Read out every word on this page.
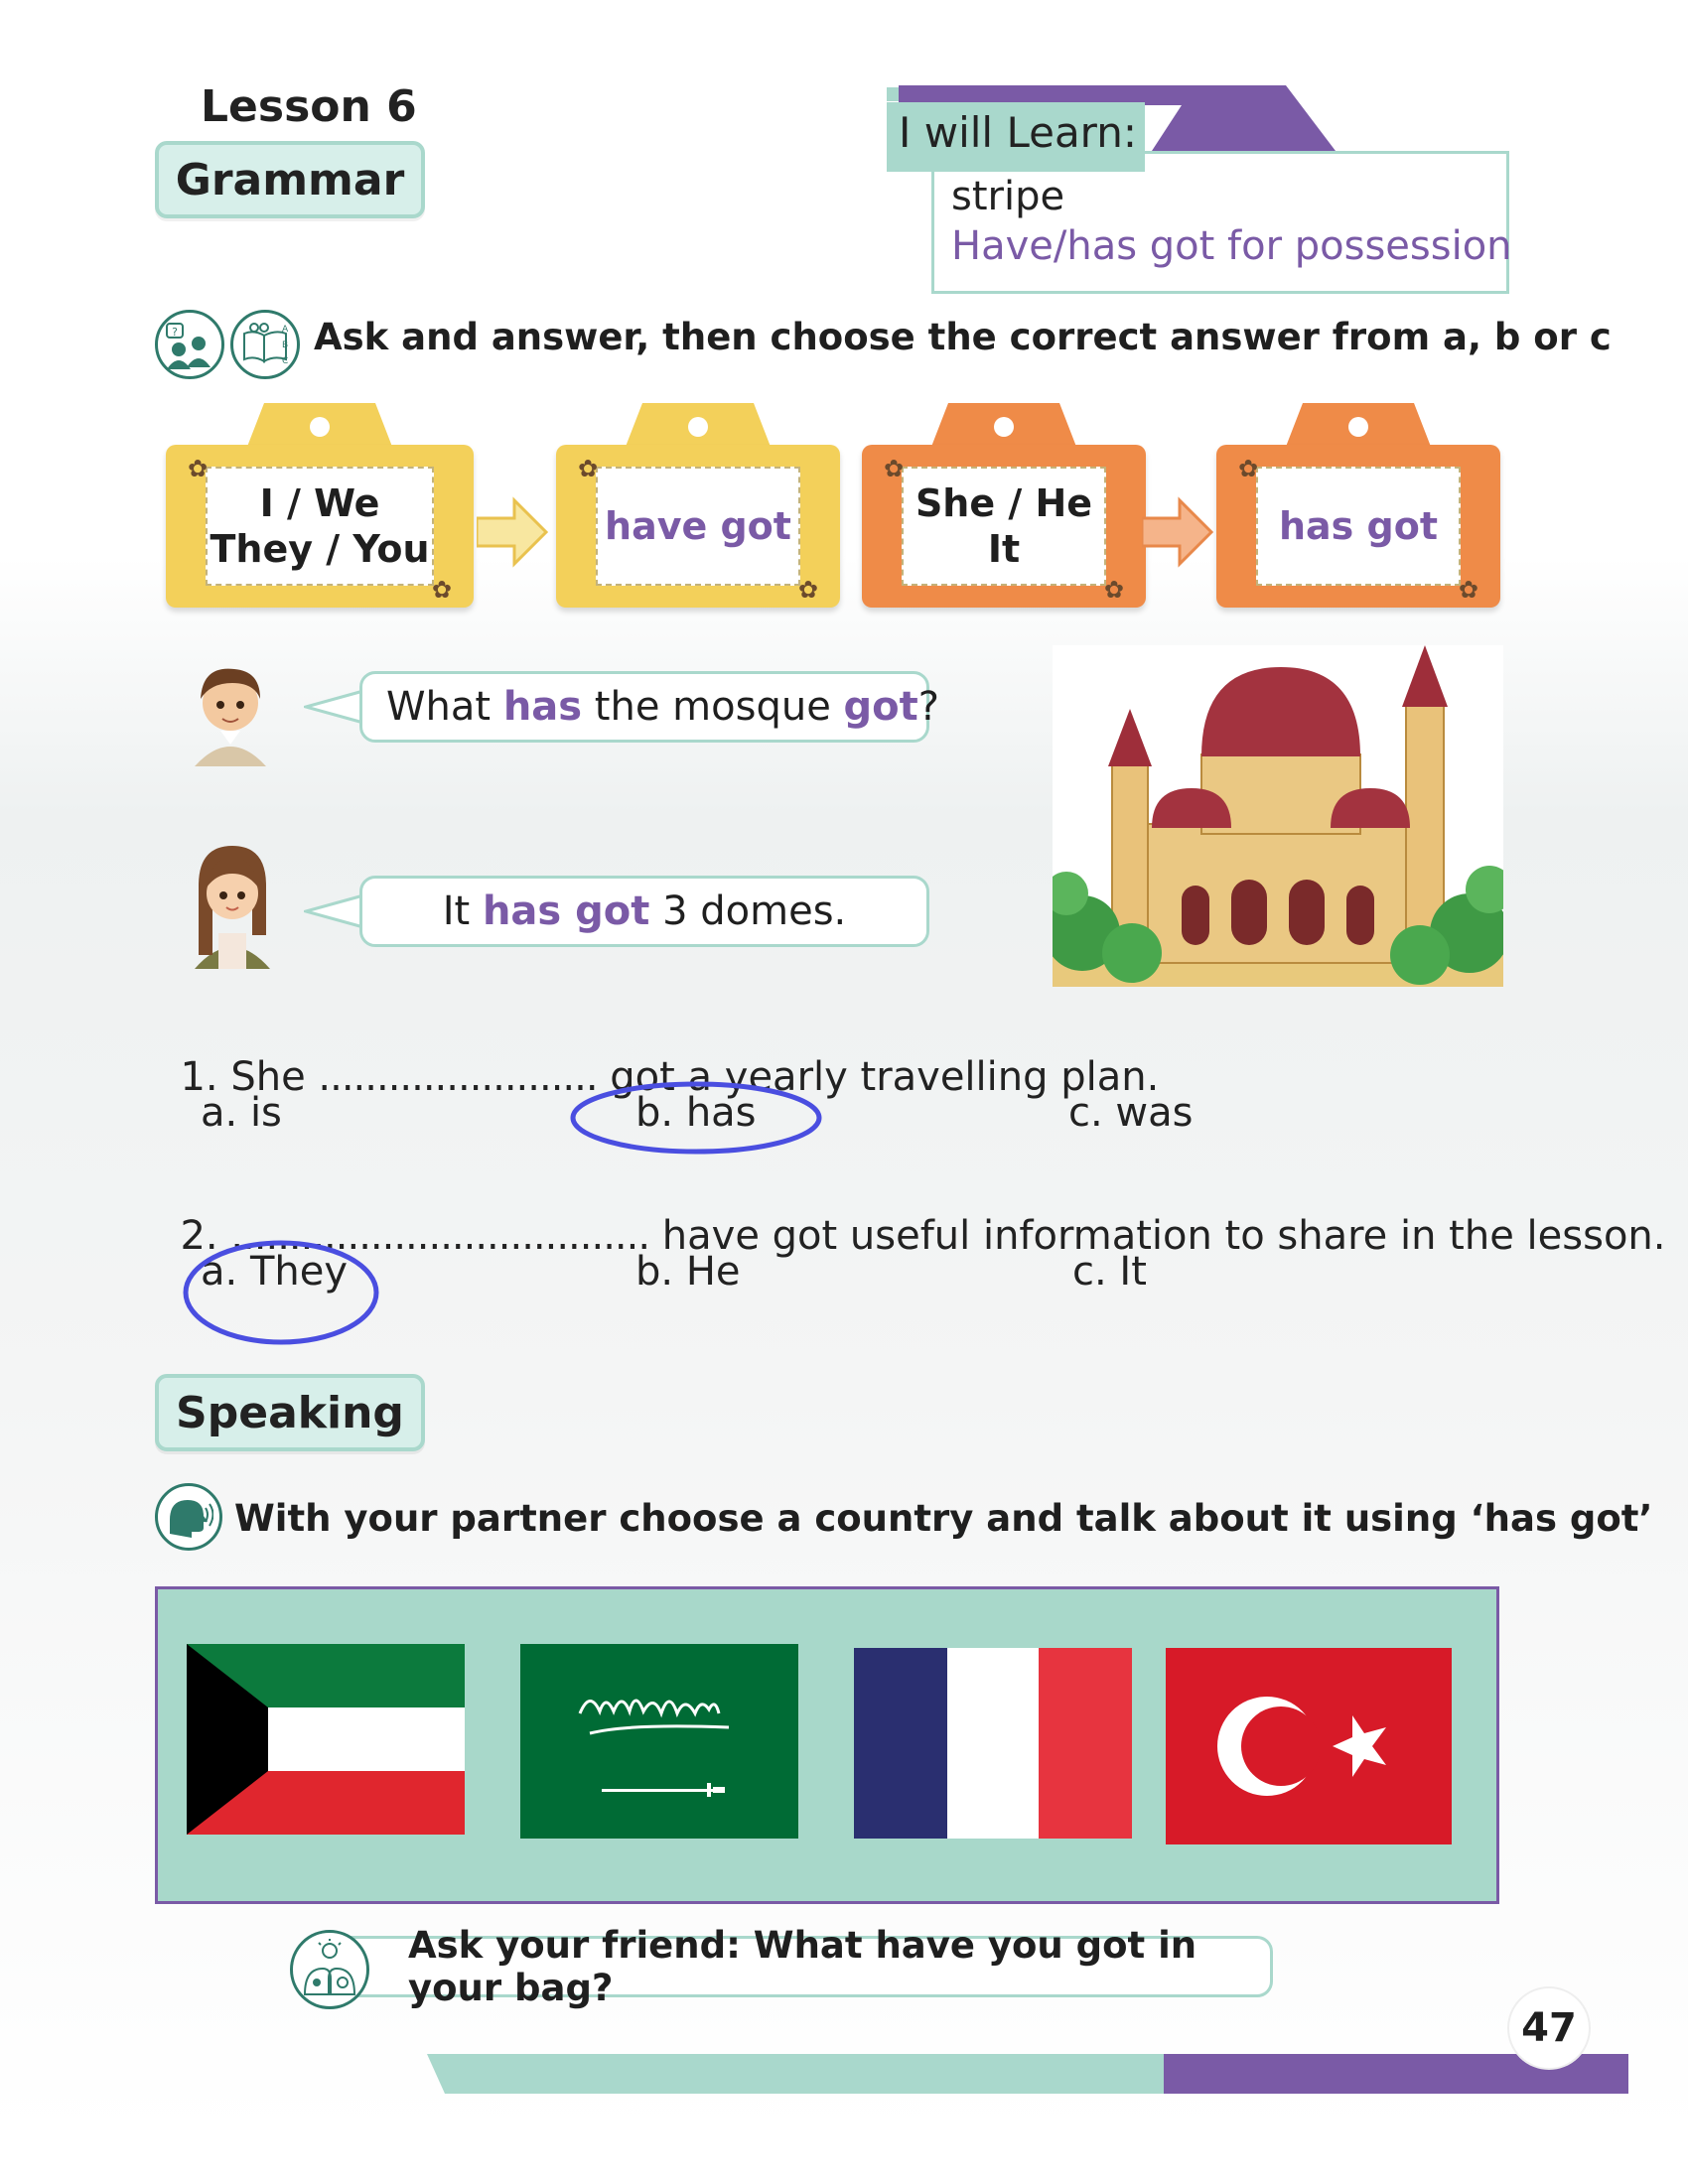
Lesson 6
Grammar
I will Learn:
stripe
Have/has got for possession
?	A
B
C
Ask and answer, then choose the correct answer from a, b or c
I / We
They / You
✿
✿
have got
✿
✿
She / He
It
✿
✿
has got
✿
✿
What has the mosque got ?
It has got 3 domes.

1. She ........................ got a yearly travelling plan.

a. is	b. has	c. was

2. .................................... have got useful information to share in the lesson.

a. They	b. He	c. It
Speaking
With your partner choose a country and talk about it using ‘has got’
Ask your friend: What have you got in your bag?
47
